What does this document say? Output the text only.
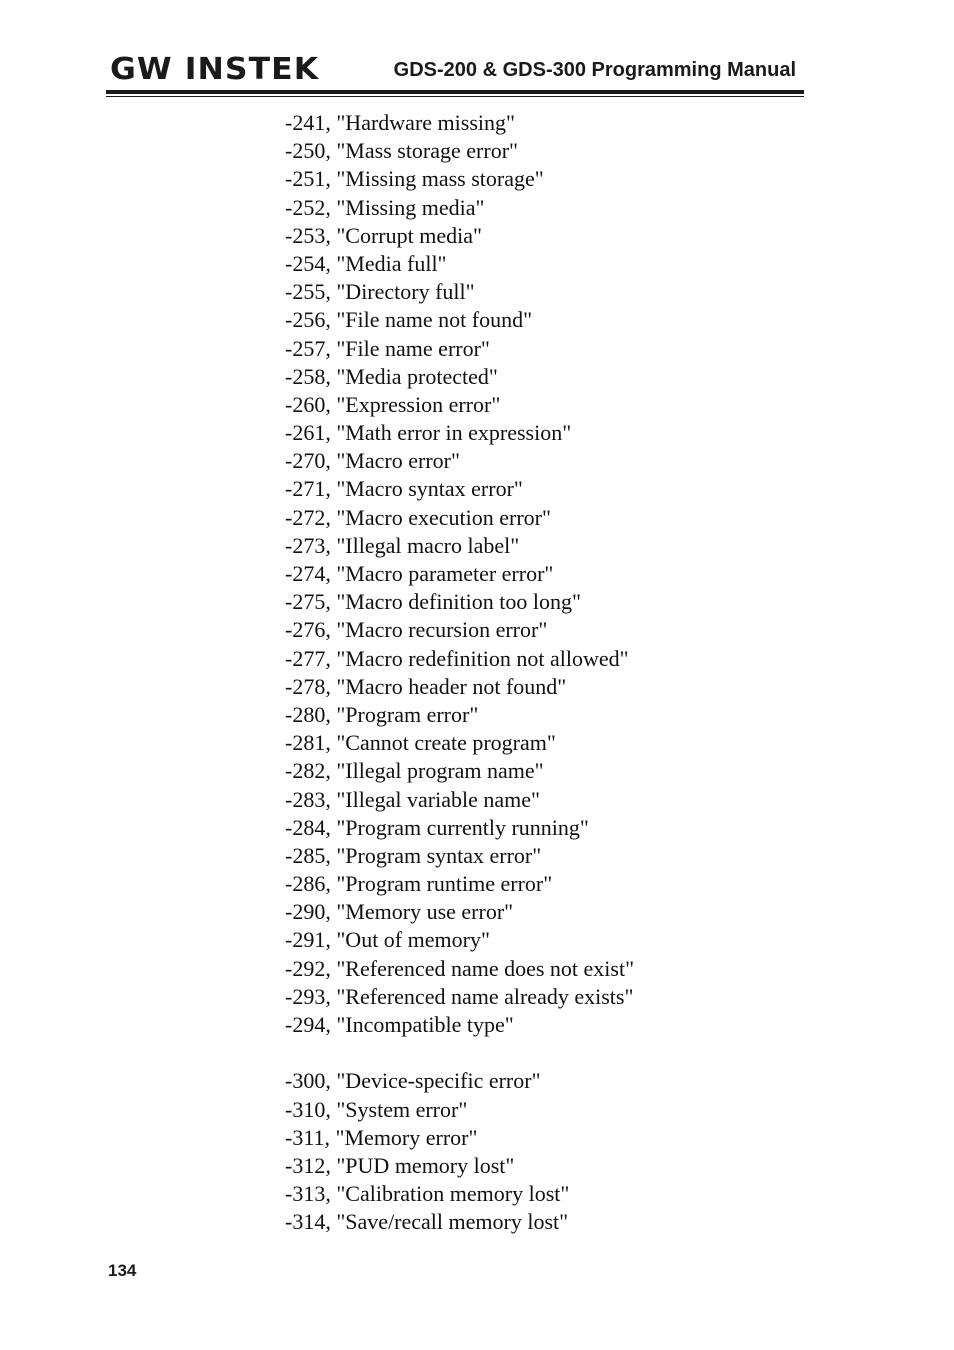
GW INSTEK	GDS-200 & GDS-300 Programming Manual
-241, "Hardware missing"
-250, "Mass storage error"
-251, "Missing mass storage"
-252, "Missing media"
-253, "Corrupt media"
-254, "Media full"
-255, "Directory full"
-256, "File name not found"
-257, "File name error"
-258, "Media protected"
-260, "Expression error"
-261, "Math error in expression"
-270, "Macro error"
-271, "Macro syntax error"
-272, "Macro execution error"
-273, "Illegal macro label"
-274, "Macro parameter error"
-275, "Macro definition too long"
-276, "Macro recursion error"
-277, "Macro redefinition not allowed"
-278, "Macro header not found"
-280, "Program error"
-281, "Cannot create program"
-282, "Illegal program name"
-283, "Illegal variable name"
-284, "Program currently running"
-285, "Program syntax error"
-286, "Program runtime error"
-290, "Memory use error"
-291, "Out of memory"
-292, "Referenced name does not exist"
-293, "Referenced name already exists"
-294, "Incompatible type"
-300, "Device-specific error"
-310, "System error"
-311, "Memory error"
-312, "PUD memory lost"
-313, "Calibration memory lost"
-314, "Save/recall memory lost"
134
